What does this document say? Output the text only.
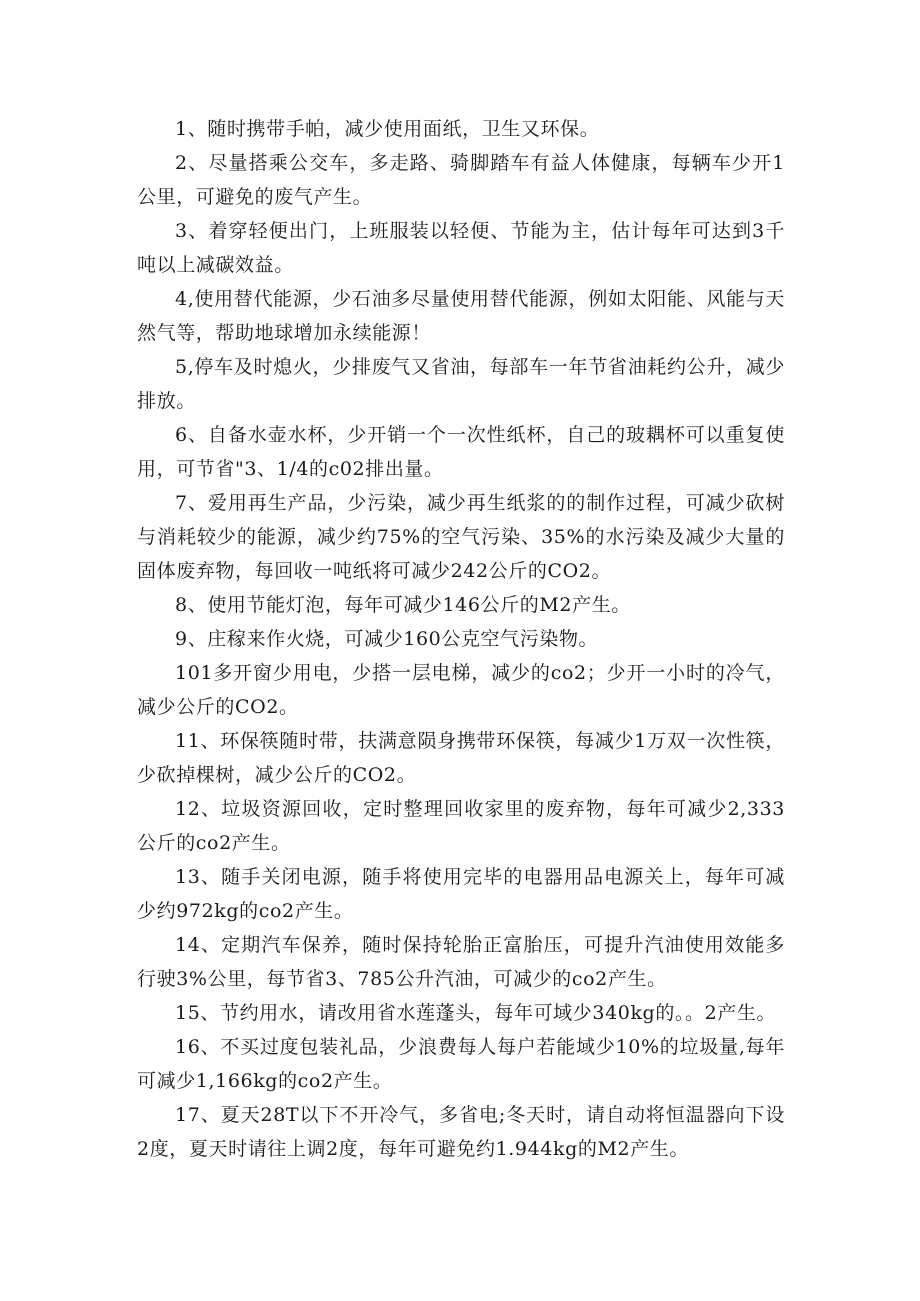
1、随时携带手帕，减少使用面纸，卫生又环保。

2、尽量搭乘公交车，多走路、骑脚踏车有益人体健康，每辆车少开1公里，可避免的废气产生。

3、着穿轻便出门，上班服装以轻便、节能为主，估计每年可达到3千吨以上减碳效益。

4,使用替代能源，少石油多尽量使用替代能源，例如太阳能、风能与天然气等，帮助地球增加永续能源！

5,停车及时熄火，少排废气又省油，每部车一年节省油耗约公升，减少排放。

6、自备水壶水杯，少开销一个一次性纸杯，自己的玻耦杯可以重复使用，可节省"3、1/4的c02排出量。

7、爱用再生产品，少污染，减少再生纸浆的的制作过程，可减少砍树与消耗较少的能源，减少约75%的空气污染、35%的水污染及减少大量的固体废弃物，每回收一吨纸将可减少242公斤的CO2。

8、使用节能灯泡，每年可减少146公斤的M2产生。

9、庄稼来作火烧，可减少160公克空气污染物。

101多开窗少用电，少搭一层电梯，减少的co2；少开一小时的冷气，减少公斤的CO2。

11、环保筷随时带，扶满意陨身携带环保筷，每减少1万双一次性筷，少砍掉棵树，减少公斤的CO2。

12、垃圾资源回收，定时整理回收家里的废弃物，每年可减少2,333公斤的co2产生。

13、随手关闭电源，随手将使用完毕的电器用品电源关上，每年可减少约972kg的co2产生。

14、定期汽车保养，随时保持轮胎正富胎压，可提升汽油使用效能多行驶3%公里，每节省3、785公升汽油，可减少的co2产生。

15、节约用水，请改用省水莲蓬头，每年可域少340kg的。。2产生。

16、不买过度包装礼品，少浪费每人每户若能域少10%的垃圾量,每年可减少1,166kg的co2产生。

17、夏天28T以下不开冷气，多省电;冬天时，请自动将恒温器向下设2度，夏天时请往上调2度，每年可避免约1.944kg的M2产生。
